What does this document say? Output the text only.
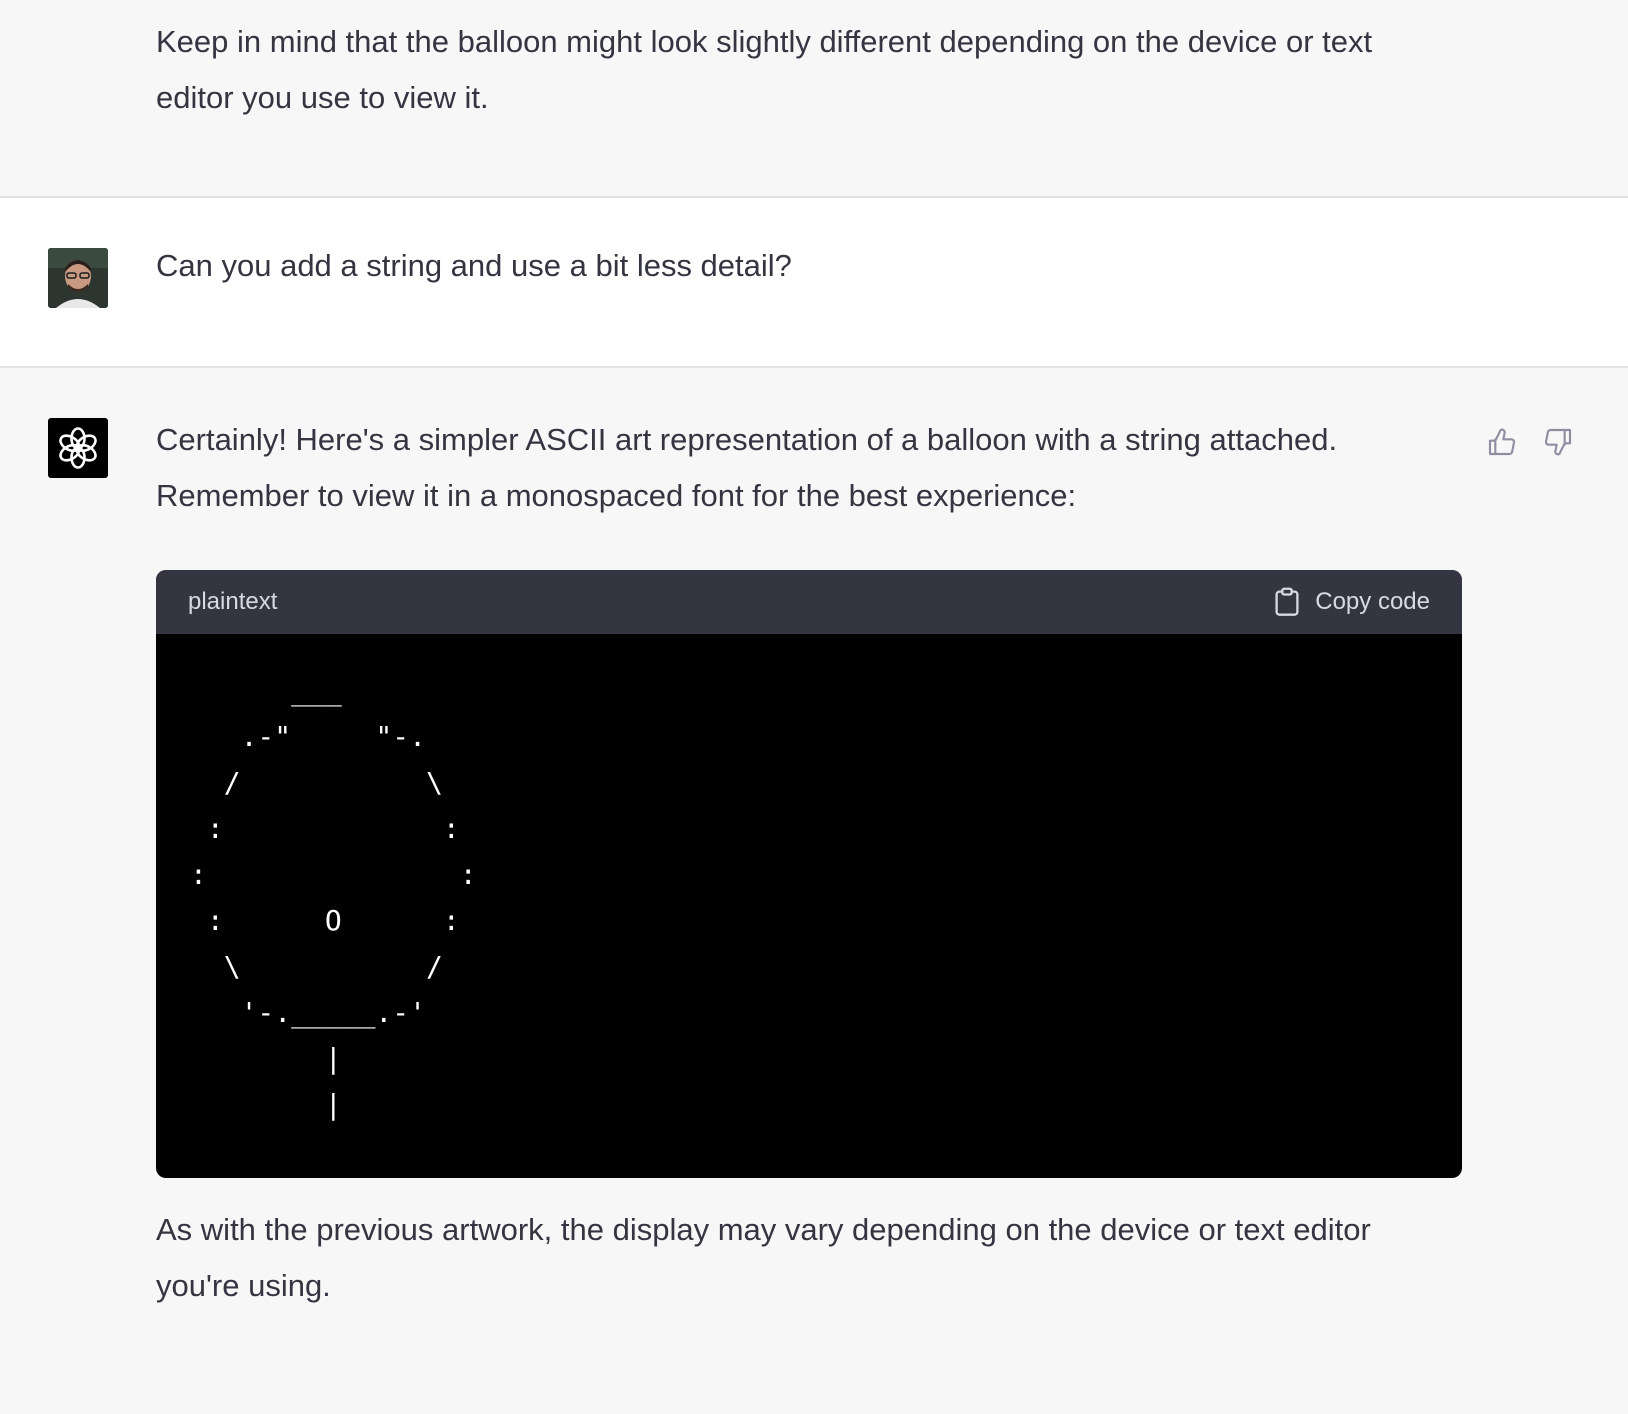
Keep in mind that the balloon might look slightly different depending on the device or text editor you use to view it.

Can you add a string and use a bit less detail?

Certainly! Here's a simpler ASCII art representation of a balloon with a string attached. Remember to view it in a monospaced font for the best experience:

plaintext	Copy code
___
.-"     "-.
/           \
:             :
:               :
:      O      :
\           /
'-._____.-'
|
|

As with the previous artwork, the display may vary depending on the device or text editor you're using.
